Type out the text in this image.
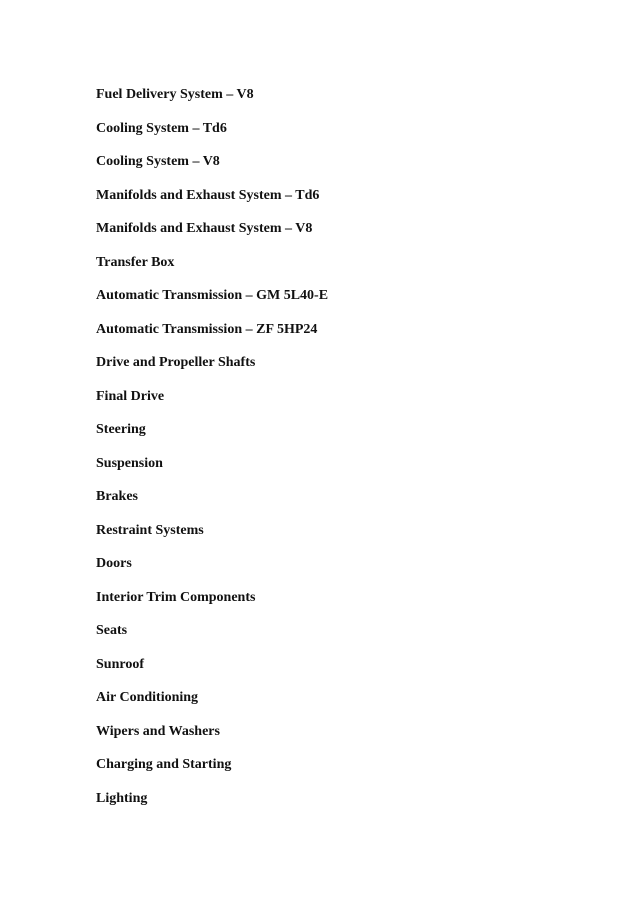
Fuel Delivery System – V8
Cooling System – Td6
Cooling System – V8
Manifolds and Exhaust System – Td6
Manifolds and Exhaust System – V8
Transfer Box
Automatic Transmission – GM 5L40-E
Automatic Transmission – ZF 5HP24
Drive and Propeller Shafts
Final Drive
Steering
Suspension
Brakes
Restraint Systems
Doors
Interior Trim Components
Seats
Sunroof
Air Conditioning
Wipers and Washers
Charging and Starting
Lighting
